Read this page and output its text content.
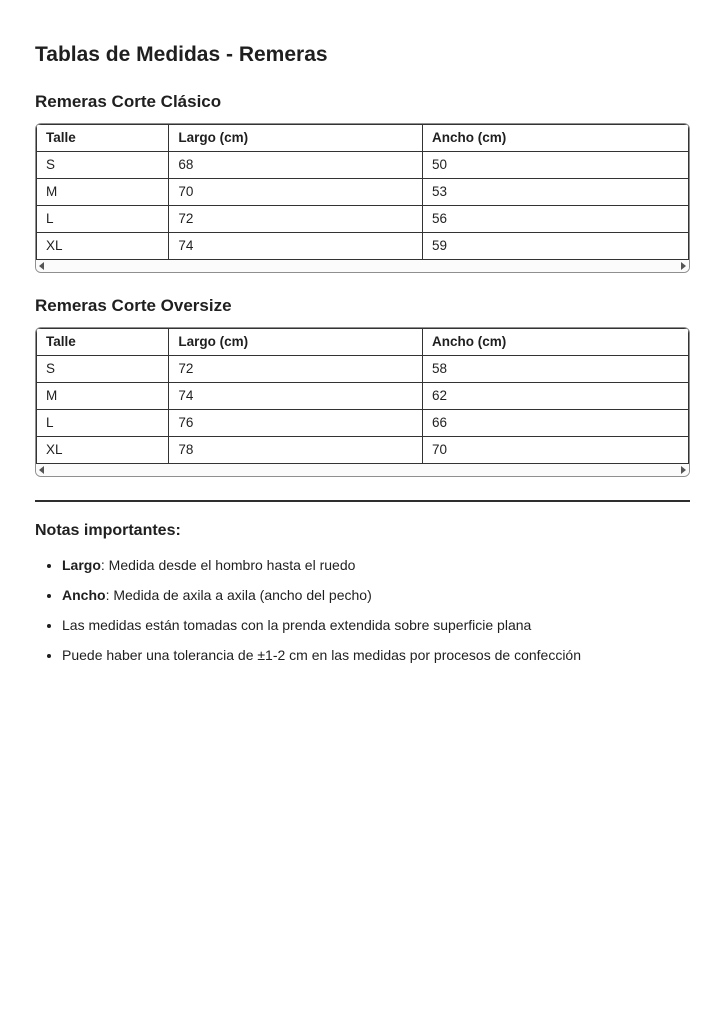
Tablas de Medidas - Remeras
Remeras Corte Clásico
Talle	Largo (cm)	Ancho (cm)
S	68	50
M	70	53
L	72	56
XL	74	59
Remeras Corte Oversize
Talle	Largo (cm)	Ancho (cm)
S	72	58
M	74	62
L	76	66
XL	78	70
Notas importantes:
• Largo: Medida desde el hombro hasta el ruedo
• Ancho: Medida de axila a axila (ancho del pecho)
• Las medidas están tomadas con la prenda extendida sobre superficie plana
• Puede haber una tolerancia de ±1-2 cm en las medidas por procesos de confección
